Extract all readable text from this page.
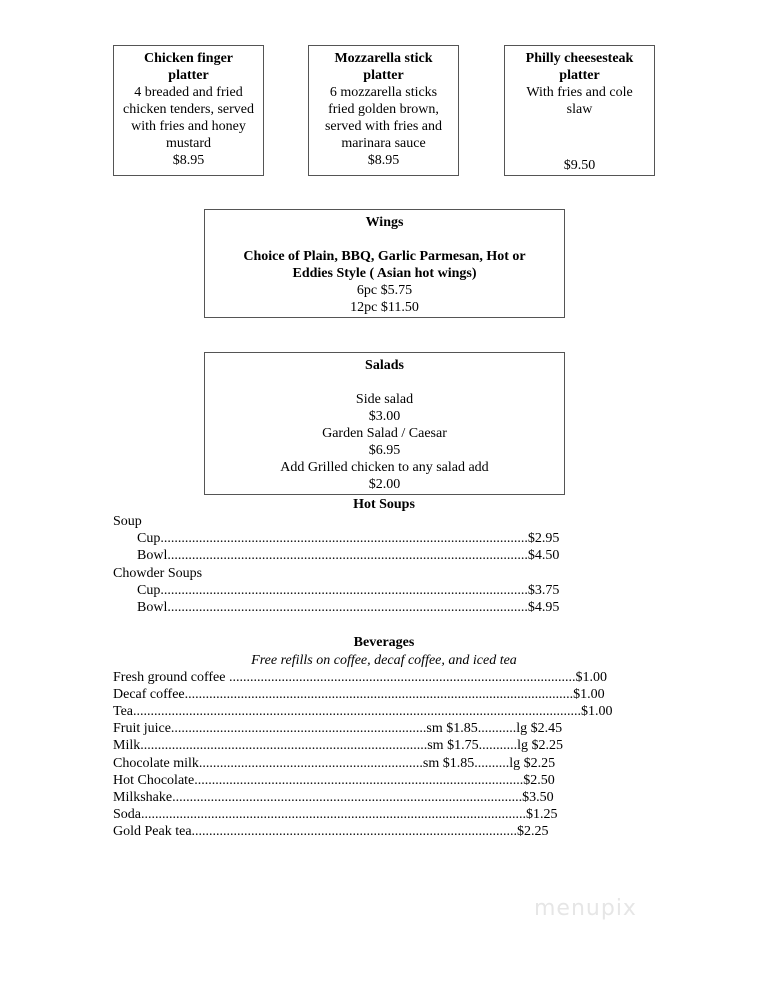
Chicken finger platter
4 breaded and fried chicken tenders, served with fries and honey mustard
$8.95
Mozzarella stick platter
6 mozzarella sticks fried golden brown, served with fries and marinara sauce
$8.95
Philly cheesesteak platter
With fries and cole slaw
$9.50
Wings
Choice of Plain, BBQ, Garlic Parmesan, Hot or Eddies Style ( Asian hot wings)
6pc $5.75
12pc $11.50
Salads
Side salad
$3.00
Garden Salad / Caesar
$6.95
Add Grilled chicken to any salad add
$2.00
Hot Soups
Soup
Cup.........................................................................................................$2.95
Bowl.......................................................................................................$4.50
Chowder Soups
Cup.........................................................................................................$3.75
Bowl.......................................................................................................$4.95
Beverages
Free refills on coffee, decaf coffee, and iced tea
Fresh ground coffee ...................................................................................................$1.00
Decaf coffee...............................................................................................................$1.00
Tea................................................................................................................................$1.00
Fruit juice.........................................................................sm $1.85...........lg $2.45
Milk..................................................................................sm $1.75...........lg $2.25
Chocolate milk................................................................sm $1.85..........lg $2.25
Hot Chocolate..............................................................................................$2.50
Milkshake....................................................................................................$3.50
Soda..............................................................................................................$1.25
Gold Peak tea.............................................................................................$2.25
menupix
